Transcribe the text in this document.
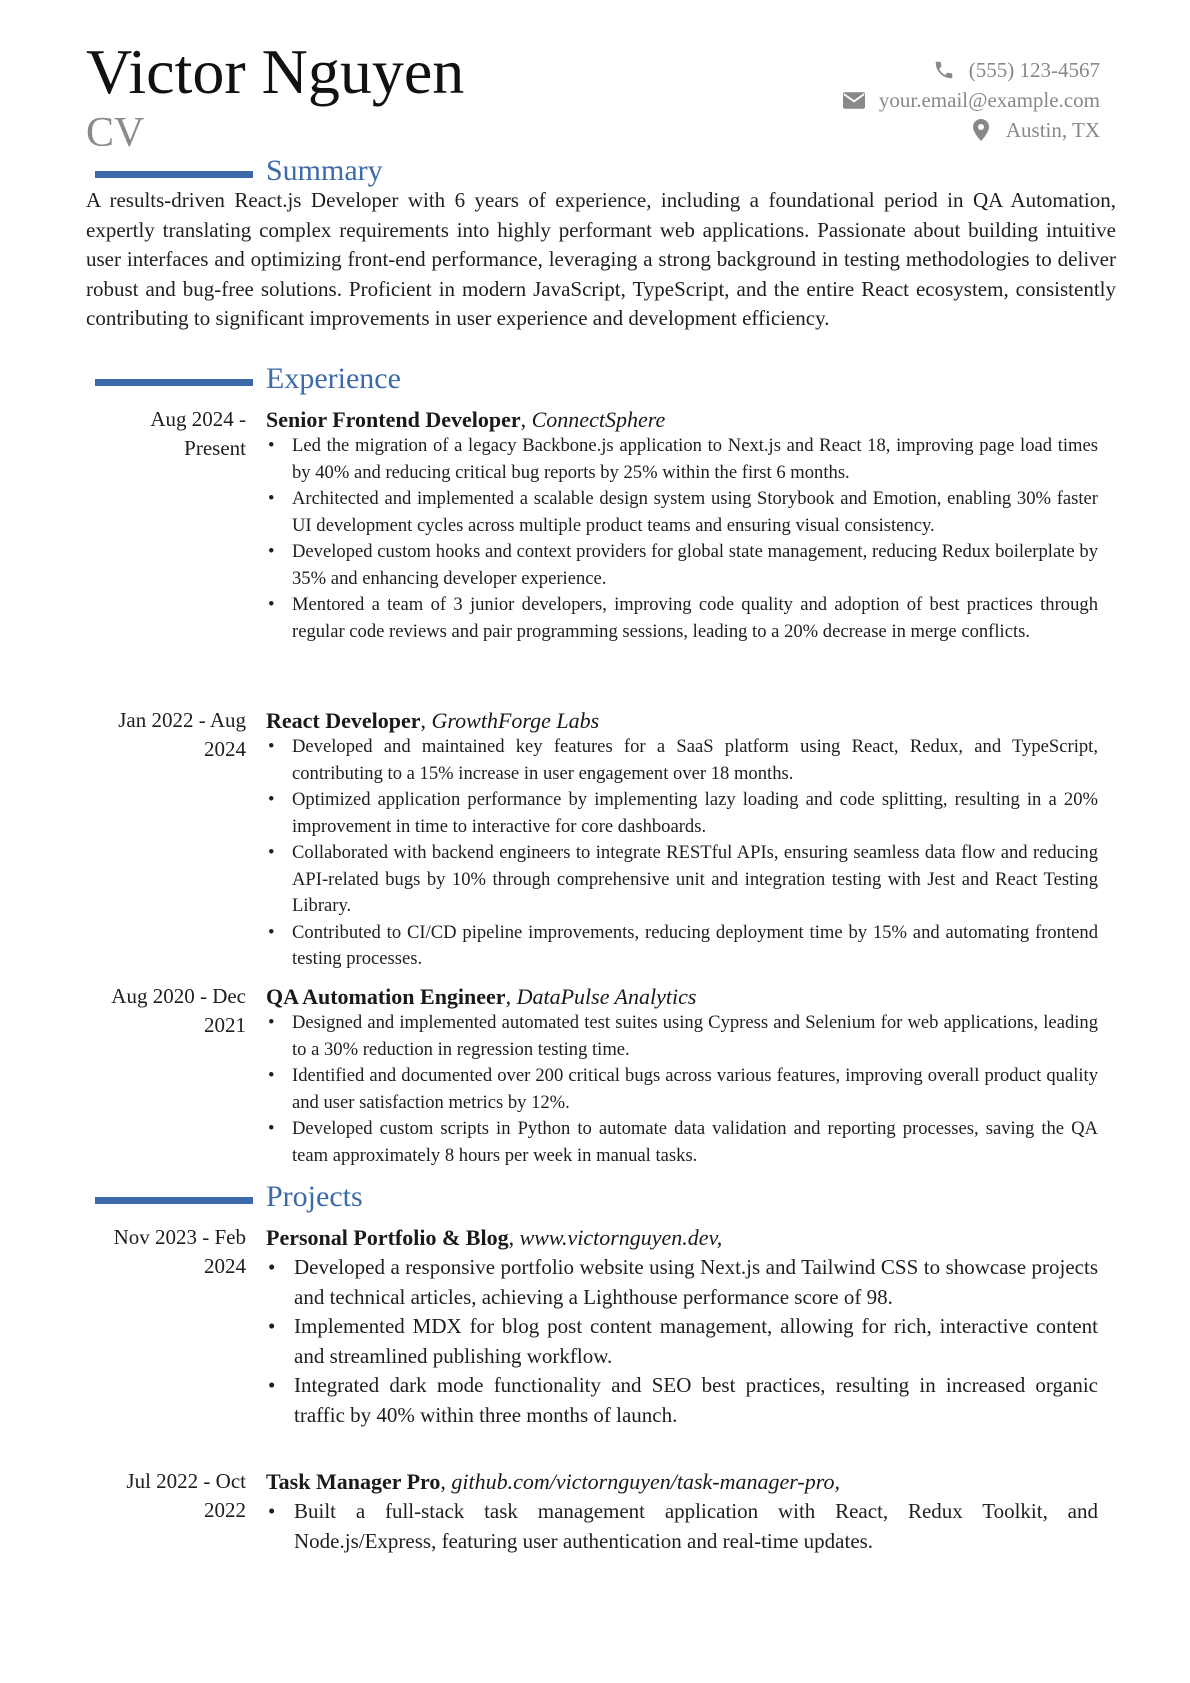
Victor Nguyen
CV
(555) 123-4567
your.email@example.com
Austin, TX
Summary
A results-driven React.js Developer with 6 years of experience, including a foundational period in QA Automation, expertly translating complex requirements into highly performant web applications. Passionate about building intuitive user interfaces and optimizing front-end performance, leveraging a strong background in testing methodologies to deliver robust and bug-free solutions. Proficient in modern JavaScript, TypeScript, and the entire React ecosystem, consistently contributing to significant improvements in user experience and development efficiency.
Experience
Aug 2024 - Present
Senior Frontend Developer, ConnectSphere
• Led the migration of a legacy Backbone.js application to Next.js and React 18, improving page load times by 40% and reducing critical bug reports by 25% within the first 6 months.
• Architected and implemented a scalable design system using Storybook and Emotion, enabling 30% faster UI development cycles across multiple product teams and ensuring visual consistency.
• Developed custom hooks and context providers for global state management, reducing Redux boilerplate by 35% and enhancing developer experience.
• Mentored a team of 3 junior developers, improving code quality and adoption of best practices through regular code reviews and pair programming sessions, leading to a 20% decrease in merge conflicts.
Jan 2022 - Aug 2024
React Developer, GrowthForge Labs
• Developed and maintained key features for a SaaS platform using React, Redux, and TypeScript, contributing to a 15% increase in user engagement over 18 months.
• Optimized application performance by implementing lazy loading and code splitting, resulting in a 20% improvement in time to interactive for core dashboards.
• Collaborated with backend engineers to integrate RESTful APIs, ensuring seamless data flow and reducing API-related bugs by 10% through comprehensive unit and integration testing with Jest and React Testing Library.
• Contributed to CI/CD pipeline improvements, reducing deployment time by 15% and automating frontend testing processes.
Aug 2020 - Dec 2021
QA Automation Engineer, DataPulse Analytics
• Designed and implemented automated test suites using Cypress and Selenium for web applications, leading to a 30% reduction in regression testing time.
• Identified and documented over 200 critical bugs across various features, improving overall product quality and user satisfaction metrics by 12%.
• Developed custom scripts in Python to automate data validation and reporting processes, saving the QA team approximately 8 hours per week in manual tasks.
Projects
Nov 2023 - Feb 2024
Personal Portfolio & Blog, www.victornguyen.dev,
• Developed a responsive portfolio website using Next.js and Tailwind CSS to showcase projects and technical articles, achieving a Lighthouse performance score of 98.
• Implemented MDX for blog post content management, allowing for rich, interactive content and streamlined publishing workflow.
• Integrated dark mode functionality and SEO best practices, resulting in increased organic traffic by 40% within three months of launch.
Jul 2022 - Oct 2022
Task Manager Pro, github.com/victornguyen/task-manager-pro,
• Built a full-stack task management application with React, Redux Toolkit, and Node.js/Express, featuring user authentication and real-time updates.
